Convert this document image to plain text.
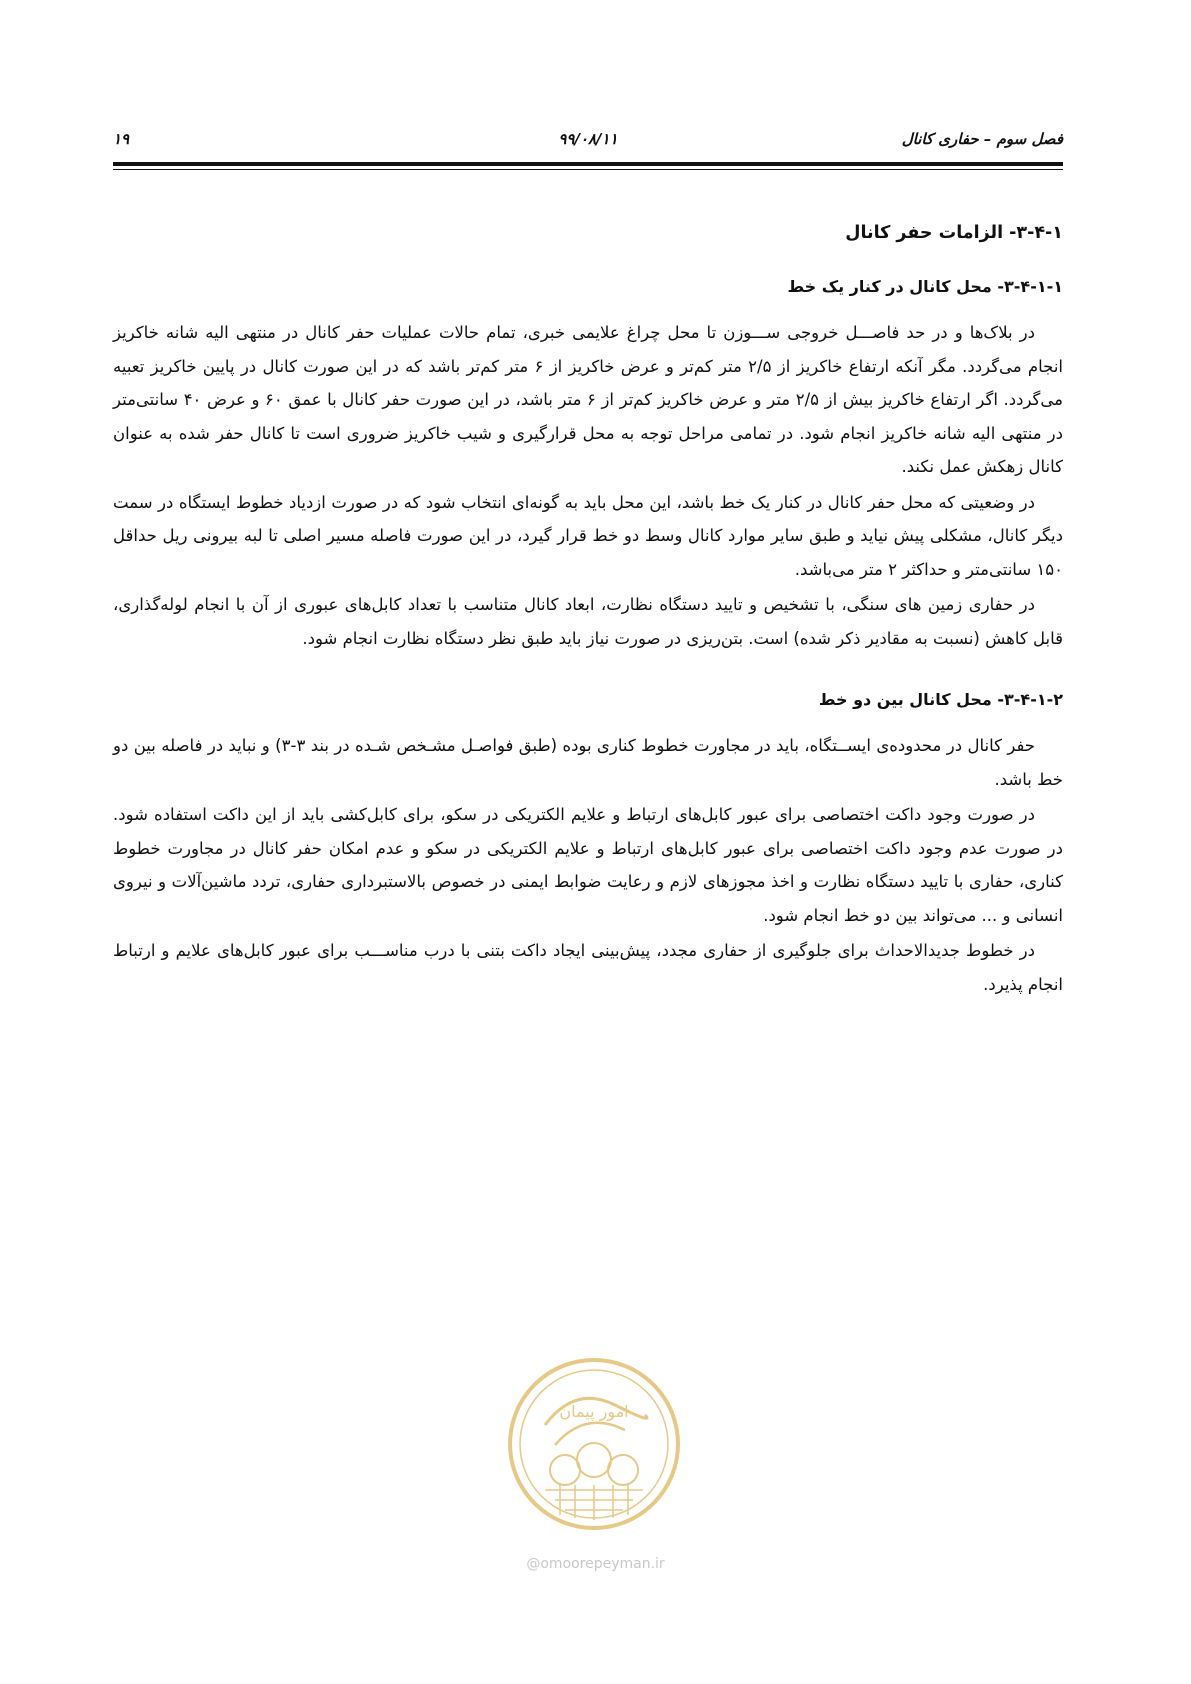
فصل سوم – حفاری کانال
۹۹/۰۸/۱۱
۱۹
۳-۴-۱- الزامات حفر کانال
۳-۴-۱-۱- محل کانال در کنار یک خط

در بلاک‌ها و در حد فاصـــل خروجی ســـوزن تا محل چراغ علایمی خبری، تمام حالات عملیات حفر کانال در منتهی الیه شانه خاکریز انجام می‌گردد. مگر آنکه ارتفاع خاکریز از ۲/۵ متر کم‌تر و عرض خاکریز از ۶ متر کم‌تر باشد که در این صورت کانال در پایین خاکریز تعبیه می‌گردد. اگر ارتفاع خاکریز بیش از ۲/۵ متر و عرض خاکریز کم‌تر از ۶ متر باشد، در این صورت حفر کانال با عمق ۶۰ و عرض ۴۰ سانتی‌متر در منتهی الیه شانه خاکریز انجام شود. در تمامی مراحل توجه به محل قرارگیری و شیب خاکریز ضروری است تا کانال حفر شده به عنوان کانال زهکش عمل نکند.

در وضعیتی که محل حفر کانال در کنار یک خط باشد، این محل باید به گونه‌ای انتخاب شود که در صورت ازدیاد خطوط ایستگاه در سمت دیگر کانال، مشکلی پیش نیاید و طبق سایر موارد کانال وسط دو خط قرار گیرد، در این صورت فاصله مسیر اصلی تا لبه بیرونی ریل حداقل ۱۵۰ سانتی‌متر و حداکثر ۲ متر می‌باشد.

در حفاری زمین های سنگی، با تشخیص و تایید دستگاه نظارت، ابعاد کانال متناسب با تعداد کابل‌های عبوری از آن با انجام لوله‌گذاری، قابل کاهش (نسبت به مقادیر ذکر شده) است. بتن‌ریزی در صورت نیاز باید طبق نظر دستگاه نظارت انجام شود.

۳-۴-۱-۲- محل کانال بین دو خط

حفر کانال در محدوده‌ی ایســتگاه، باید در مجاورت خطوط کناری بوده (طبق فواصـل مشـخص شـده در بند ۳-۳) و نباید در فاصله بین دو خط باشد.

در صورت وجود داکت اختصاصی برای عبور کابل‌های ارتباط و علایم الکتریکی در سکو، برای کابل‌کشی باید از این داکت استفاده شود. در صورت عدم وجود داکت اختصاصی برای عبور کابل‌های ارتباط و علایم الکتریکی در سکو و عدم امکان حفر کانال در مجاورت خطوط کناری، حفاری با تایید دستگاه نظارت و اخذ مجوزهای لازم و رعایت ضوابط ایمنی در خصوص بالاستبرداری حفاری، تردد ماشین‌آلات و نیروی انسانی و ... می‌تواند بین دو خط انجام شود.

در خطوط جدیدالاحداث برای جلوگیری از حفاری مجدد، پیش‌بینی ایجاد داکت بتنی با درب مناســـب برای عبور کابل‌های علایم و ارتباط انجام پذیرد.

امور پیمان
@omoorepeyman.ir
